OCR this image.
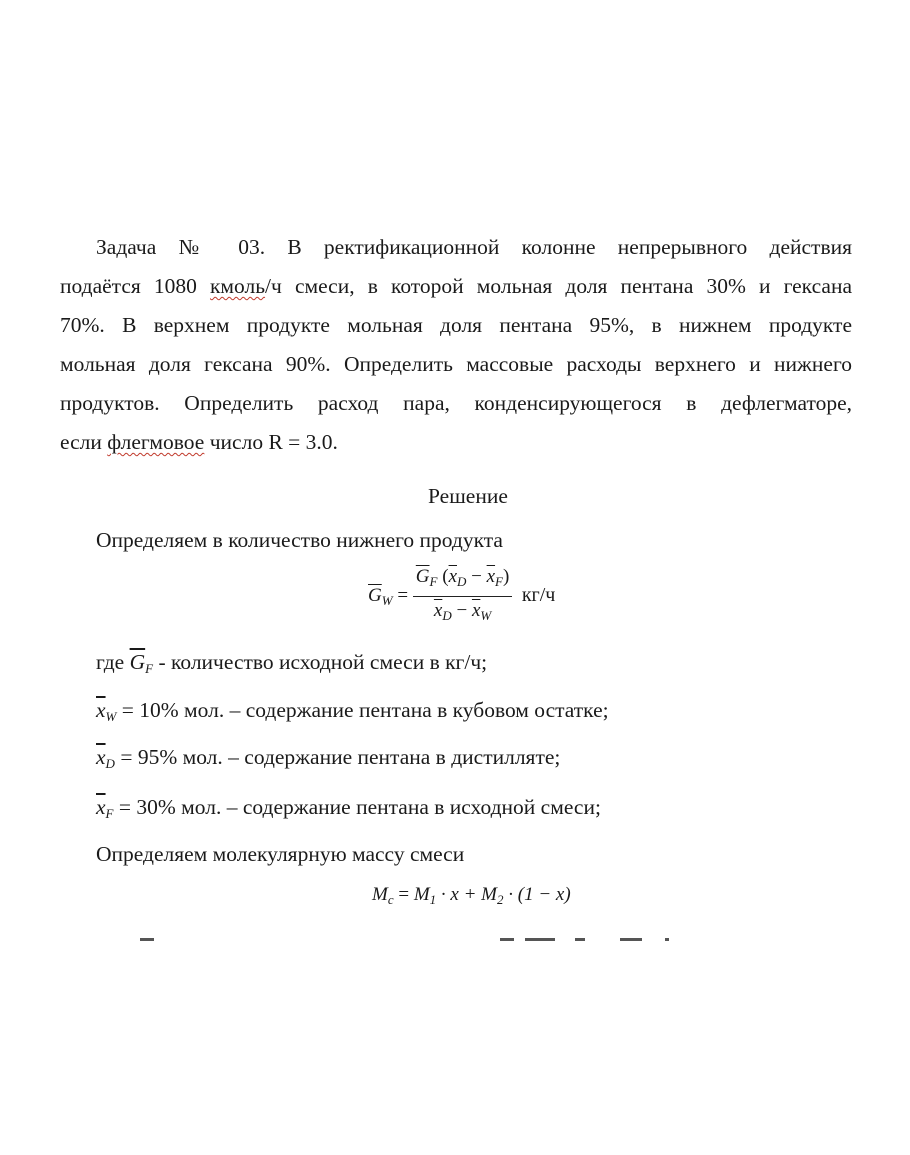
Задача № 03. В ректификационной колонне непрерывного действия
подаётся 1080 кмоль/ч смеси, в которой мольная доля пентана 30% и гексана
70%. В верхнем продукте мольная доля пентана 95%, в нижнем продукте
мольная доля гексана 90%. Определить массовые расходы верхнего и нижнего
продуктов. Определить расход пара, конденсирующегося в дефлегматоре,
если флегмовое число R = 3.0.
Решение
Определяем в количество нижнего продукта
$\overline{G}_W = \frac{\overline{G}_F (\overline{x}_D - \overline{x}_F)}{\overline{x}_D - \overline{x}_W} кг/ч$
где $\overline{G}_F$ - количество исходной смеси в кг/ч;
$\overline{x}_W = 10\%$ мол. – содержание пентана в кубовом остатке;
$\overline{x}_D = 95\%$ мол. – содержание пентана в дистилляте;
$\overline{x}_F = 30\%$ мол. – содержание пентана в исходной смеси;
Определяем молекулярную массу смеси
$M_c = M_1 \cdot x + M_2 \cdot (1 - x)$
